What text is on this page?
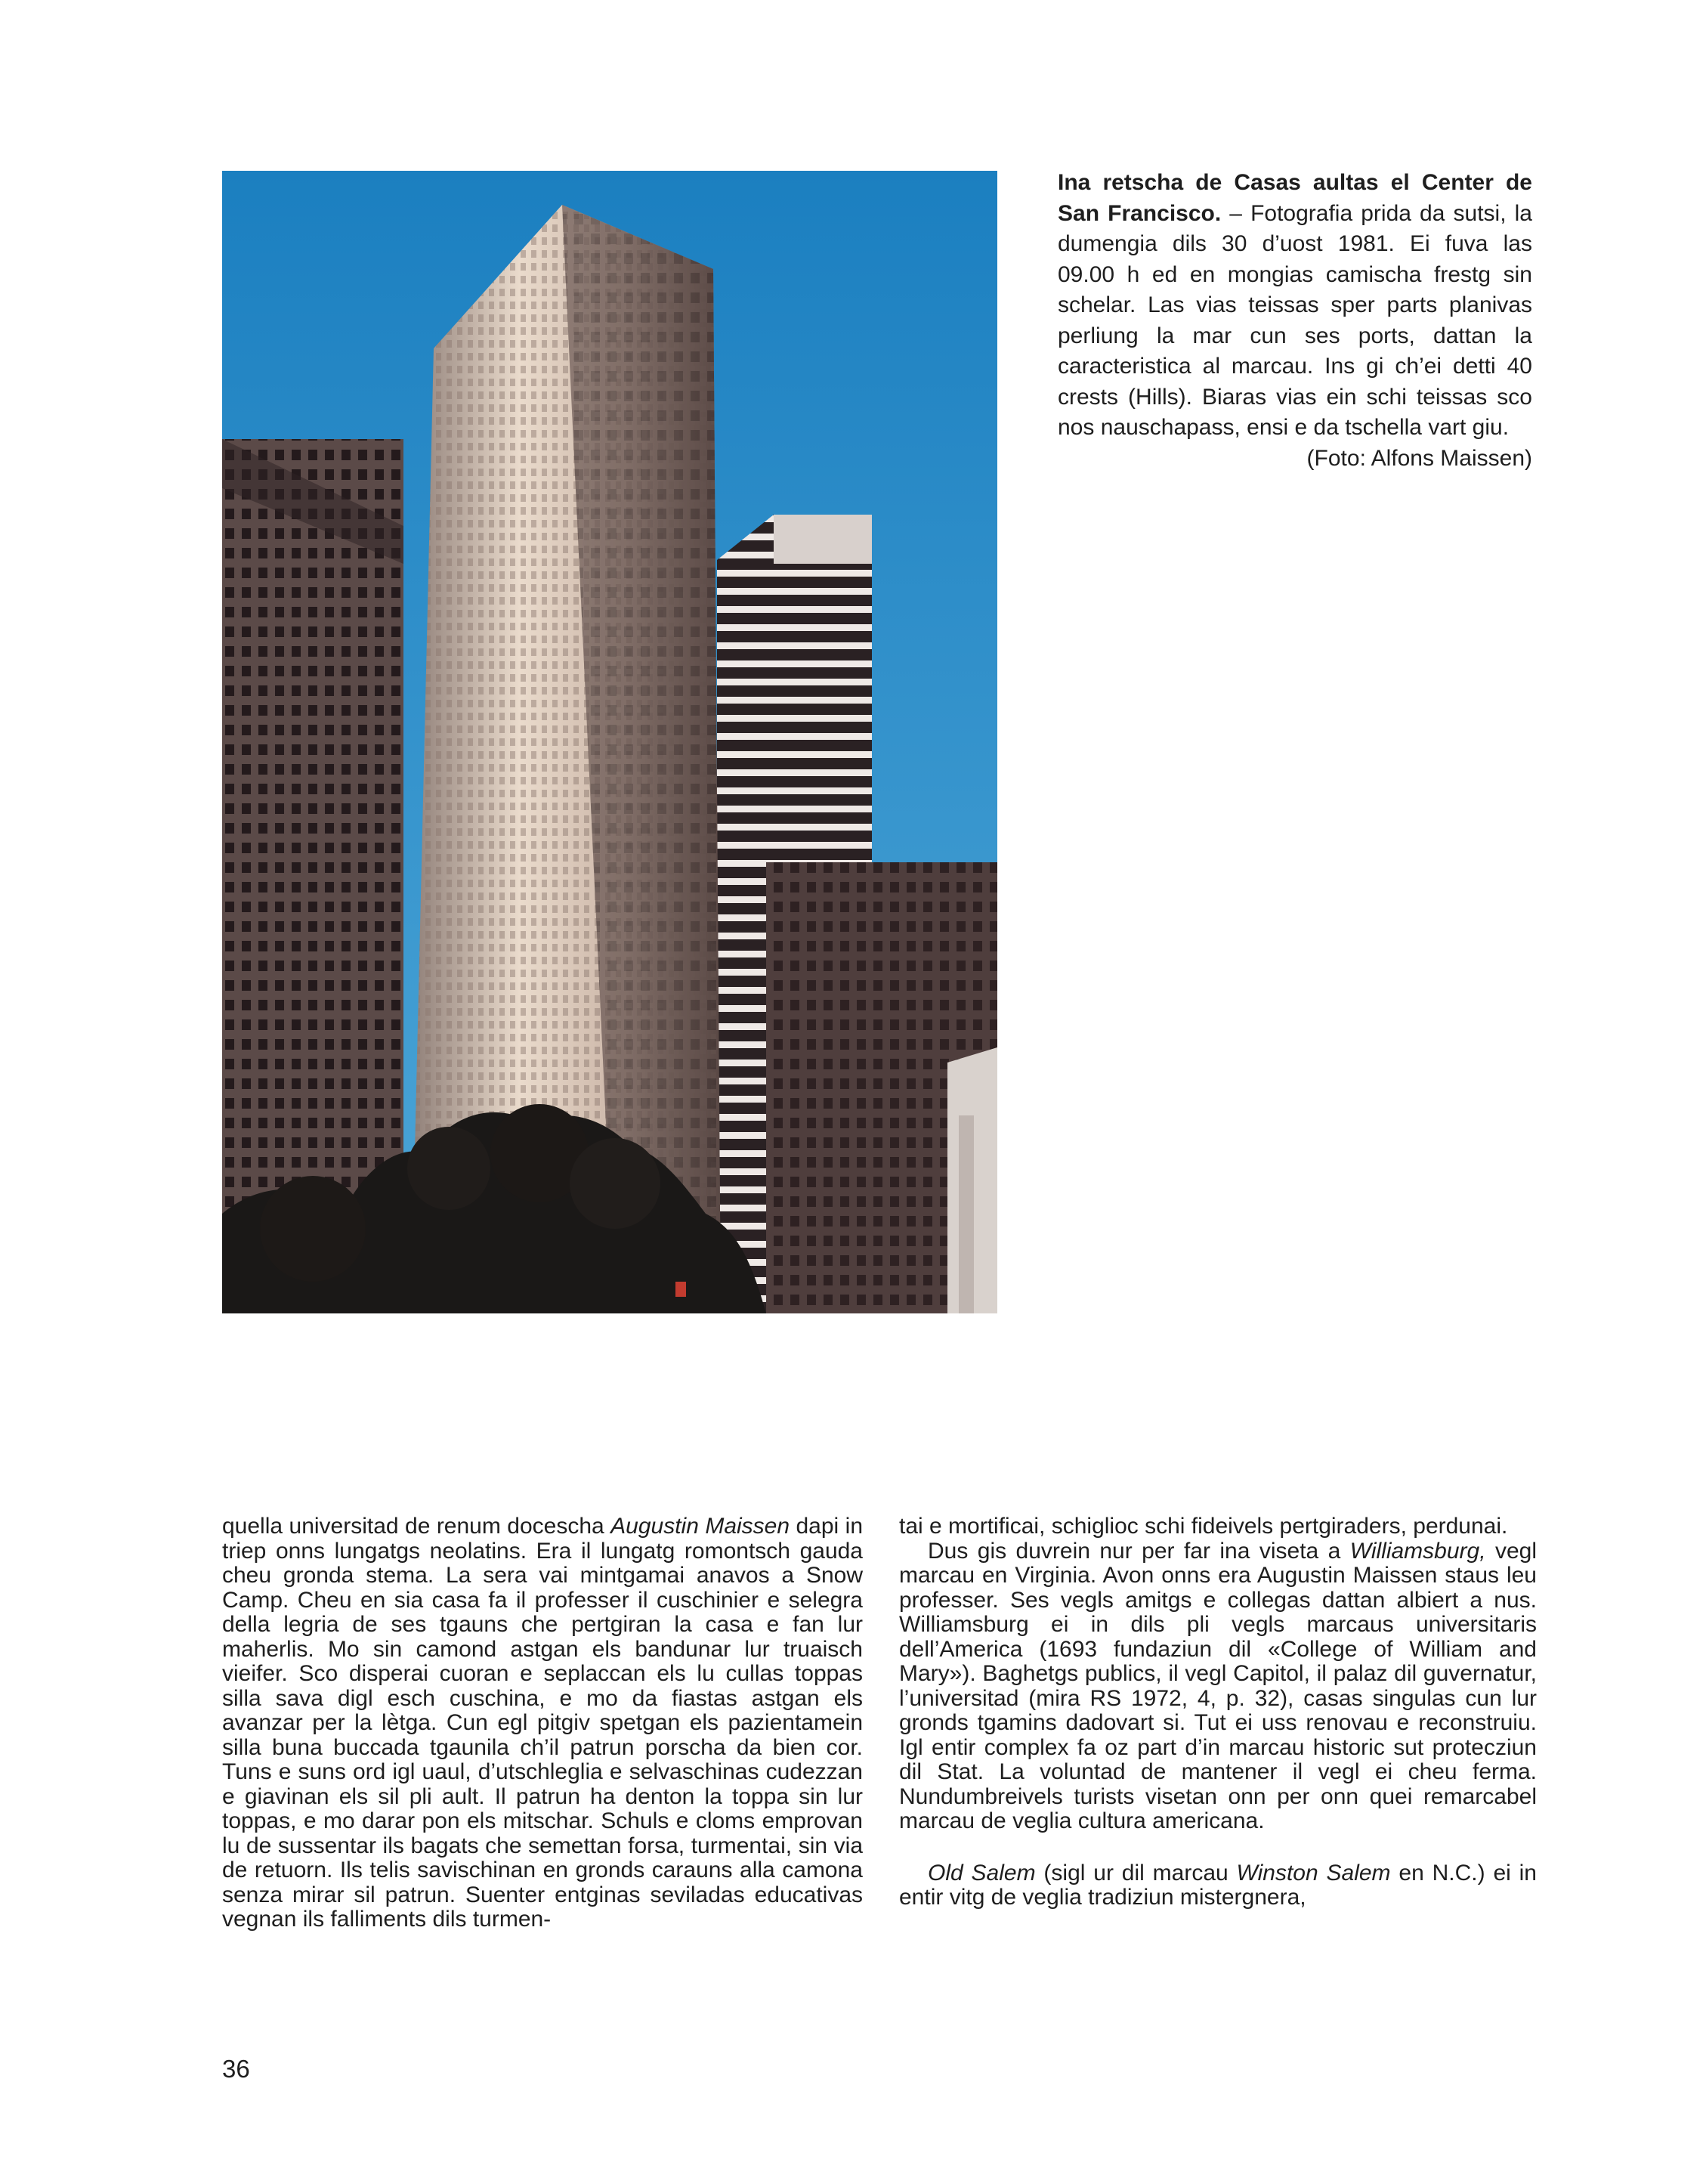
Ina retscha de Casas aultas el Center de San Francisco. – Fotografia prida da sutsi, la dumengia dils 30 d’uost 1981. Ei fuva las 09.00 h ed en mongias camischa frestg sin schelar. Las vias teissas sper parts planivas perliung la mar cun ses ports, dattan la caracteristica al marcau. Ins gi ch’ei detti 40 crests (Hills). Biaras vias ein schi teissas sco nos nauschapass, ensi e da tschella vart giu.
(Foto: Alfons Maissen)

quella universitad de renum docescha Augustin Maissen dapi in triep onns lungatgs neolatins. Era il lungatg romontsch gauda cheu gronda stema. La sera vai mintgamai anavos a Snow Camp. Cheu en sia casa fa il professer il cuschinier e selegra della legria de ses tgauns che pertgiran la casa e fan lur maherlis. Mo sin camond astgan els bandunar lur truaisch vieifer. Sco disperai cuoran e seplaccan els lu cullas toppas silla sava digl esch cuschina, e mo da fiastas astgan els avanzar per la lètga. Cun egl pitgiv spetgan els pazientamein silla buna buccada tgaunila ch’il patrun porscha da bien cor. Tuns e suns ord igl uaul, d’utschleglia e selvaschinas cudezzan e giavinan els sil pli ault. Il patrun ha denton la toppa sin lur toppas, e mo darar pon els mitschar. Schuls e cloms emprovan lu de sussentar ils bagats che semettan forsa, turmentai, sin via de retuorn. Ils telis savischinan en gronds carauns alla camona senza mirar sil patrun. Suenter entginas seviladas educativas vegnan ils falliments dils turmen-

tai e mortificai, schiglioc schi fideivels pertgiraders, perdunai.

Dus gis duvrein nur per far ina viseta a Williamsburg, vegl marcau en Virginia. Avon onns era Augustin Maissen staus leu professer. Ses vegls amitgs e collegas dattan albiert a nus. Williamsburg ei in dils pli vegls marcaus universitaris dell’America (1693 fundaziun dil «College of William and Mary»). Baghetgs publics, il vegl Capitol, il palaz dil guvernatur, l’universitad (mira RS 1972, 4, p. 32), casas singulas cun lur gronds tgamins dadovart si. Tut ei uss renovau e reconstruiu. Igl entir complex fa oz part d’in marcau historic sut protecziun dil Stat. La voluntad de mantener il vegl ei cheu ferma. Nundumbreivels turists visetan onn per onn quei remarcabel marcau de veglia cultura americana.

Old Salem (sigl ur dil marcau Winston Salem en N.C.) ei in entir vitg de veglia tradiziun mistergnera,

36
